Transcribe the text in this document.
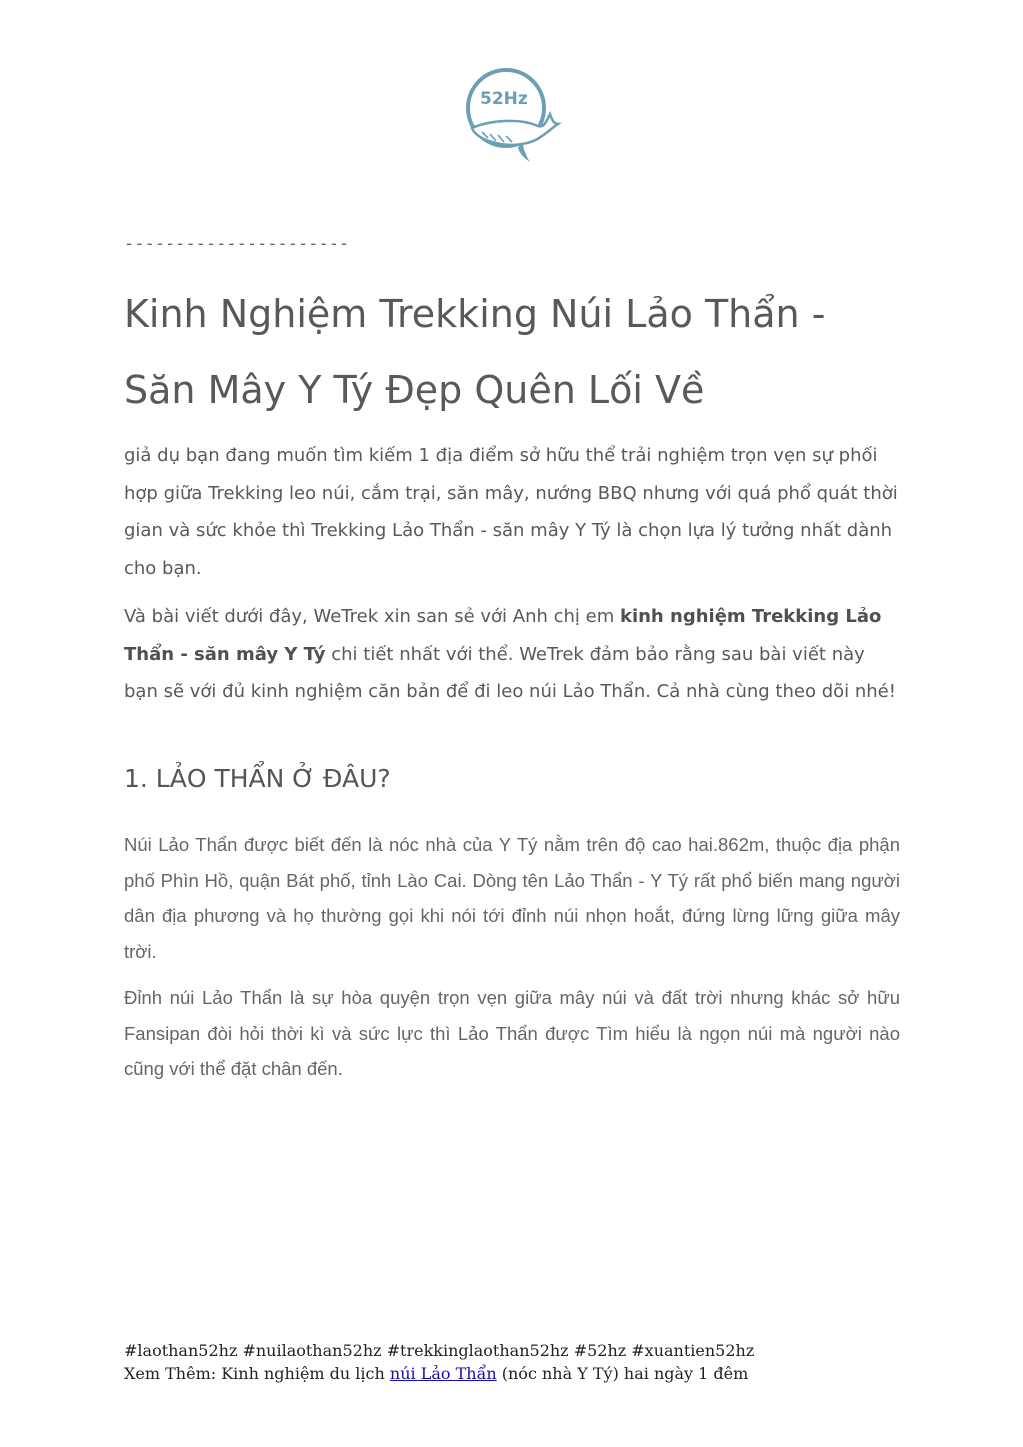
52Hz
----------------------
Kinh Nghiệm Trekking Núi Lảo Thẩn -
Săn Mây Y Tý Đẹp Quên Lối Về

giả dụ bạn đang muốn tìm kiếm 1 địa điểm sở hữu thể trải nghiệm trọn vẹn sự phối hợp giữa Trekking leo núi, cắm trại, săn mây, nướng BBQ nhưng với quá phổ quát thời gian và sức khỏe thì Trekking Lảo Thẩn - săn mây Y Tý là chọn lựa lý tưởng nhất dành cho bạn.

Và bài viết dưới đây, WeTrek xin san sẻ với Anh chị em kinh nghiệm Trekking Lảo Thẩn - săn mây Y Tý chi tiết nhất với thể. WeTrek đảm bảo rằng sau bài viết này bạn sẽ với đủ kinh nghiệm căn bản để đi leo núi Lảo Thẩn. Cả nhà cùng theo dõi nhé!

1. LẢO THẨN Ở ĐÂU?

Núi Lảo Thẩn được biết đến là nóc nhà của Y Tý nằm trên độ cao hai.862m, thuộc địa phận phố Phìn Hồ, quận Bát phố, tỉnh Lào Cai. Dòng tên Lảo Thẩn - Y Tý rất phổ biến mang người dân địa phương và họ thường gọi khi nói tới đỉnh núi nhọn hoắt, đứng lừng lững giữa mây trời.

Đỉnh núi Lảo Thẩn là sự hòa quyện trọn vẹn giữa mây núi và đất trời nhưng khác sở hữu Fansipan đòi hỏi thời kì và sức lực thì Lảo Thẩn được Tìm hiểu là ngọn núi mà người nào cũng với thể đặt chân đến.

#laothan52hz #nuilaothan52hz #trekkinglaothan52hz #52hz #xuantien52hz
Xem Thêm: Kinh nghiệm du lịch núi Lảo Thẩn (nóc nhà Y Tý) hai ngày 1 đêm
